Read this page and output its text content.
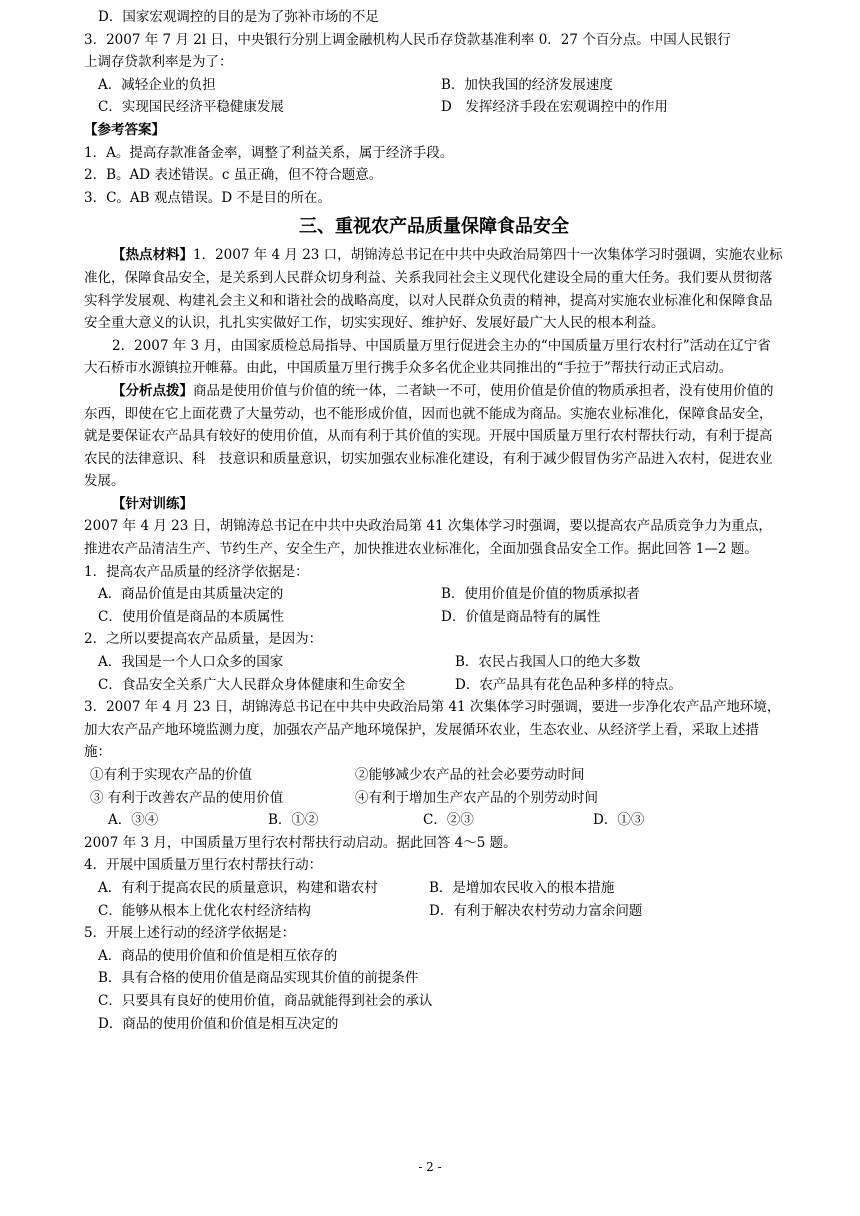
D．国家宏观调控的目的是为了弥补市场的不足
3．2007 年 7 月 2l 日，中央银行分别上调金融机构人民币存贷款基准利率 0．27 个百分点。中国人民银行
上调存贷款利率是为了：
A．减轻企业的负担	B．加快我国的经济发展速度
C．实现国民经济平稳健康发展	D　发挥经济手段在宏观调控中的作用
【参考答案】
1．A。提高存款准备金率，调整了利益关系，属于经济手段。
2．B。AD 表述错误。c 虽正确，但不符合题意。
3．C。AB 观点错误。D 不是目的所在。
三、重视农产品质量保障食品安全
【热点材料】1．2007 年 4 月 23 口，胡锦涛总书记在中共中央政治局第四十一次集体学习时强调，实施农业标准化，保障食品安全，是关系到人民群众切身利益、关系我同社会主义现代化建设全局的重大任务。我们要从贯彻落实科学发展观、构建礼会主义和和谐社会的战略高度，以对人民群众负责的精神，提高对实施农业标准化和保障食品安全重大意义的认识，扎扎实实做好工作，切实实现好、维护好、发展好最广大人民的根本利益。
2．2007 年 3 月，由国家质检总局指导、中国质量万里行促进会主办的“中国质量万里行农村行”活动在辽宁省大石桥市水源镇拉开帷幕。由此，中国质量万里行携手众多名优企业共同推出的“手拉于”帮扶行动正式启动。
【分析点拨】商品是使用价值与价值的统一体，二者缺一不可，使用价值是价值的物质承担者，没有使用价值的东西，即使在它上面花费了大量劳动，也不能形成价值，因而也就不能成为商品。实施农业标准化，保障食品安全，就是要保证农产品具有较好的使用价值，从而有利于其价值的实现。开展中国质量万里行农村帮扶行动，有利于提高农民的法律意识、科　技意识和质量意识，切实加强农业标准化建设，有利于减少假冒伪劣产品进入农村，促进农业发展。
【针对训练】
2007 年 4 月 23 日，胡锦涛总书记在中共中央政治局第 41 次集体学习时强调，要以提高农产品质竞争力为重点，推进农产品清洁生产、节约生产、安全生产，加快推进农业标准化，全面加强食品安全工作。据此回答 1—2 题。
1．提高农产品质量的经济学依据是：
A．商品价值是由其质量决定的	B．使用价值是价值的物质承拟者
C．使用价值是商品的本质属性	D．价值是商品特有的属性
2．之所以要提高农产品质量，是因为：
A．我国是一个人口众多的国家	B．农民占我国人口的绝大多数
C．食品安全关系广大人民群众身体健康和生命安全	D．农产品具有花色品种多样的特点。
3．2007 年 4 月 23 日，胡锦涛总书记在中共中央政治局第 41 次集体学习时强调，要进一步净化农产品产地环境，加大农产品产地环境监测力度，加强农产品产地环境保护，发展循环农业，生态农业、从经济学上看，采取上述措施：
①有利于实现农产品的价值	②能够减少农产品的社会必要劳动时间
③ 有利于改善农产品的使用价值	④有利于增加生产农产品的个别劳动时间
A．③④	B．①②	C．②③	D．①③
2007 年 3 月，中国质量万里行农村帮扶行动启动。据此回答 4～5 题。
4．开展中国质量万里行农村帮扶行动：
A．有利于提高农民的质量意识，构建和谐农村	B．是增加农民收入的根本措施
C．能够从根本上优化农村经济结构	D．有利于解决农村劳动力富余问题
5．开展上述行动的经济学依据是：
A．商品的使用价值和价值是相互依存的
B．具有合格的使用价值是商品实现其价值的前提条件
C．只要具有良好的使用价值，商品就能得到社会的承认
D．商品的使用价值和价值是相互决定的
- 2 -
